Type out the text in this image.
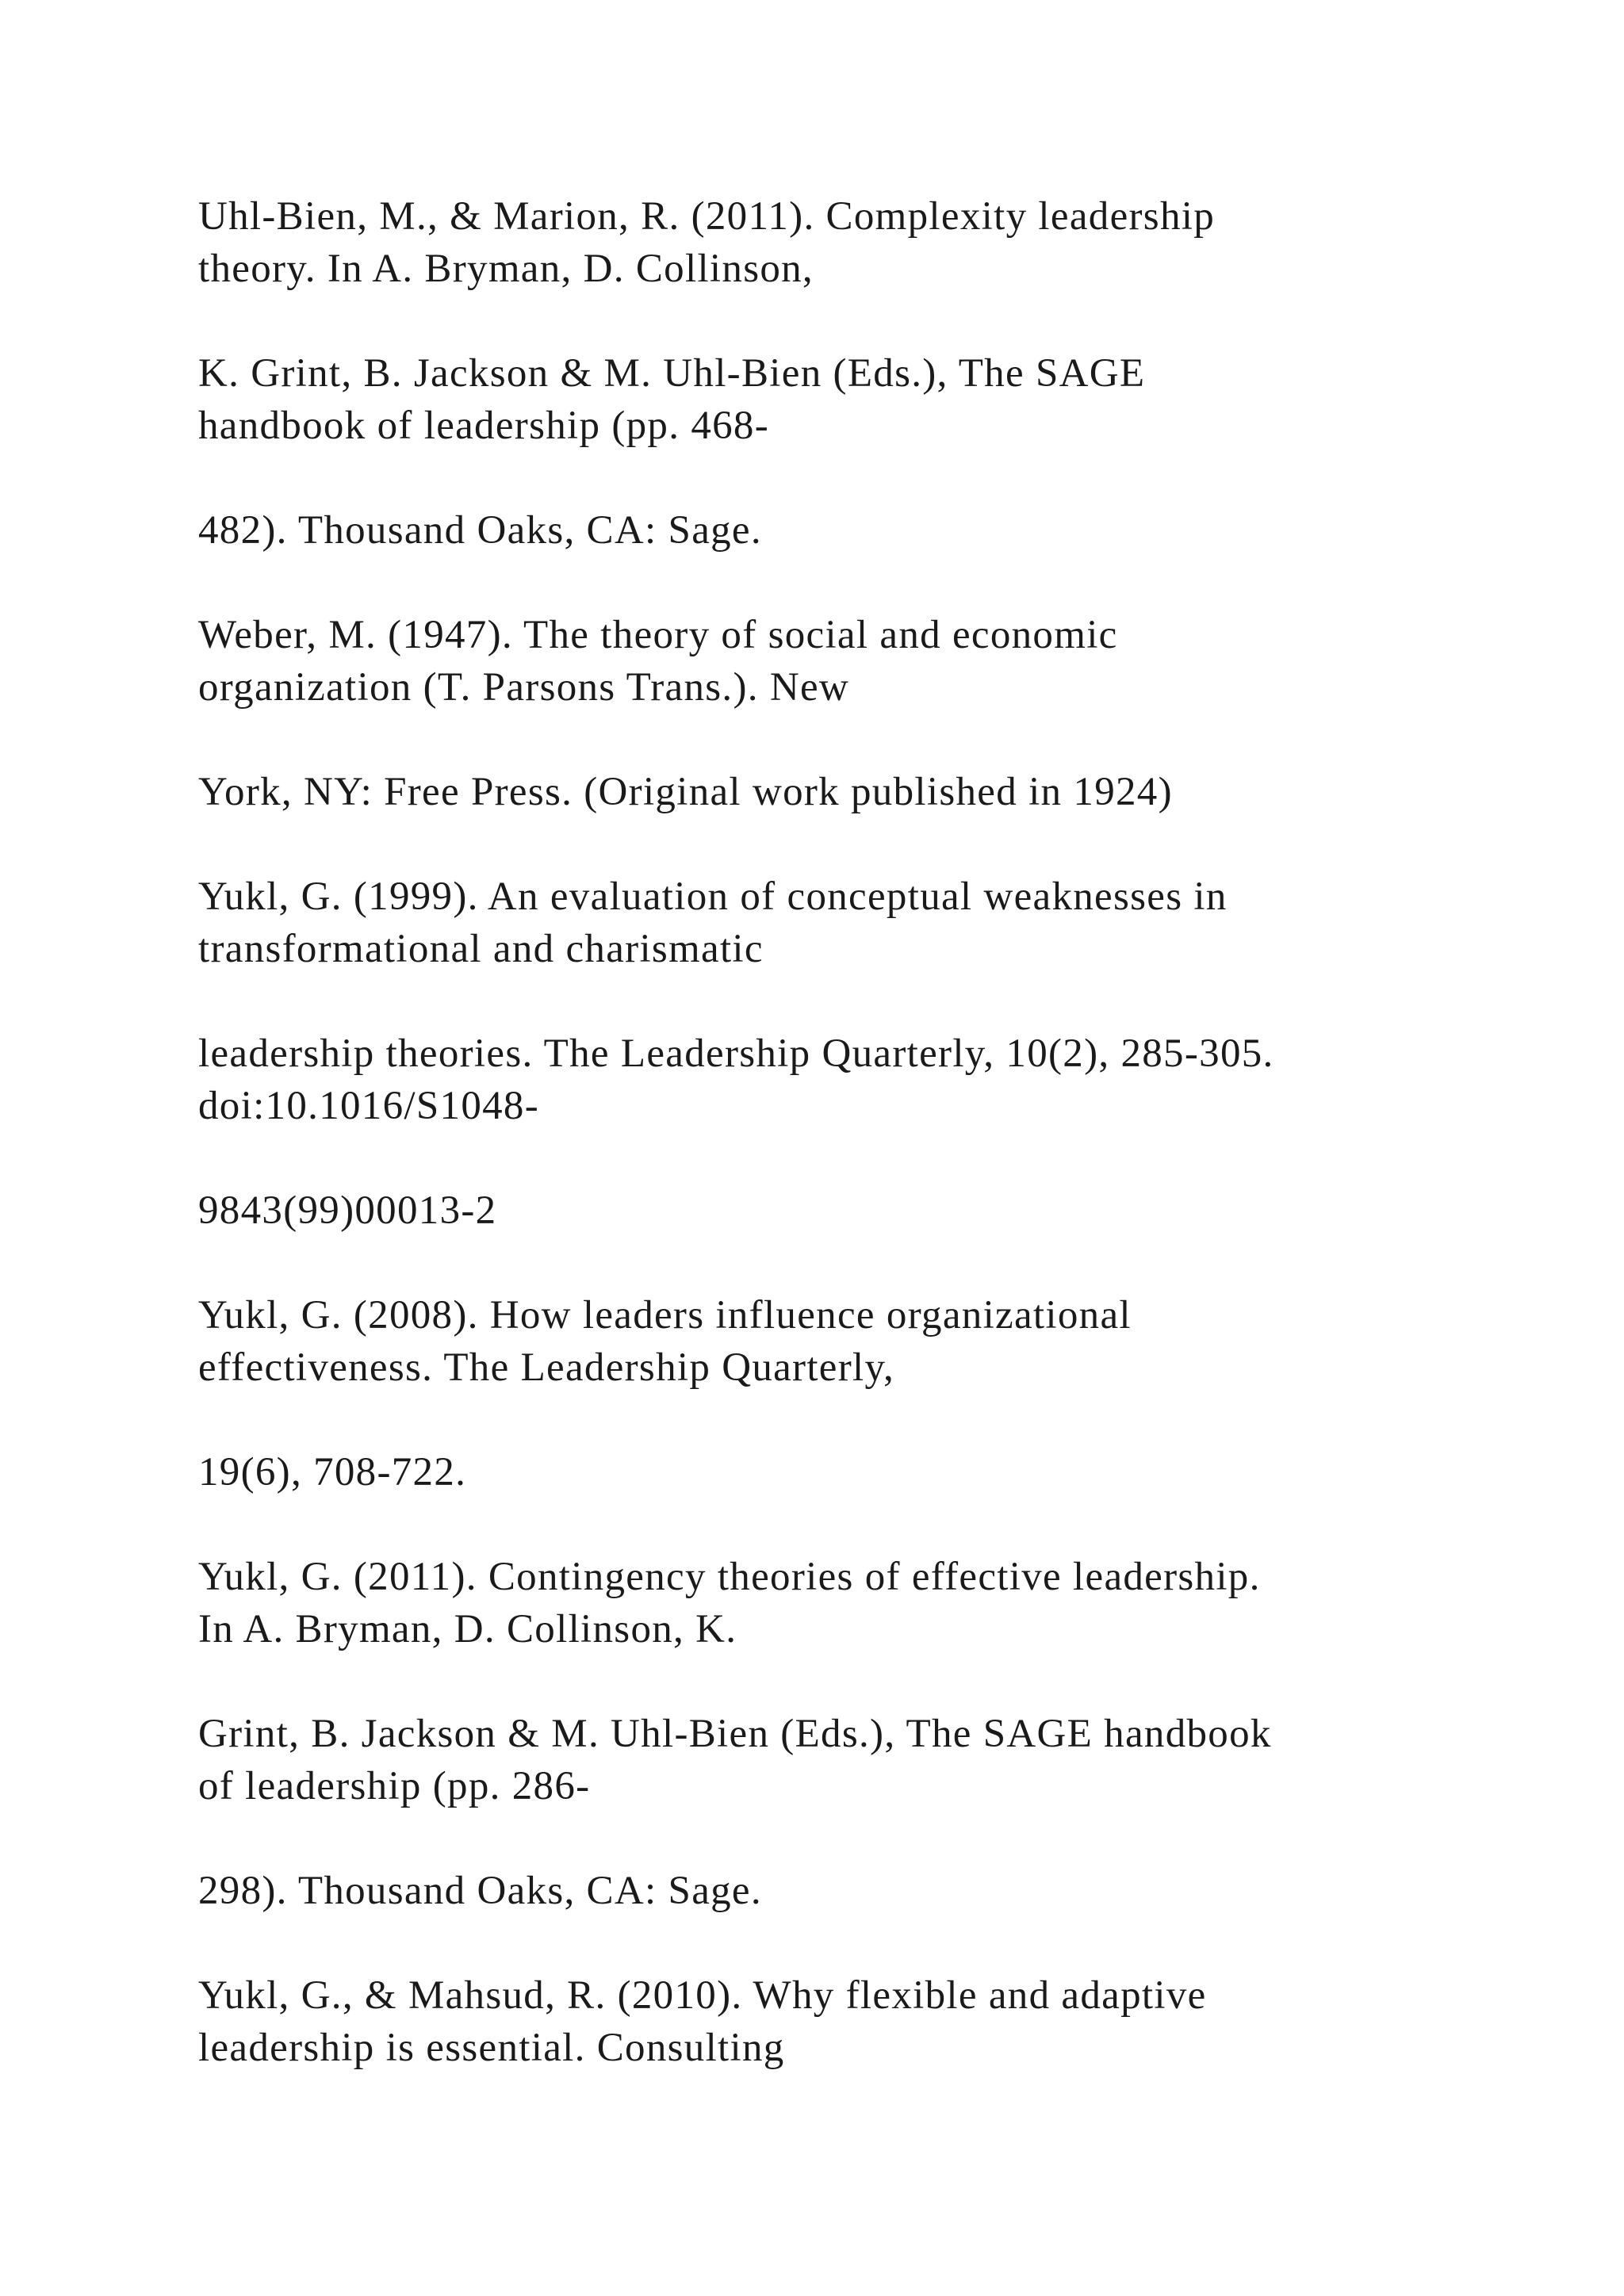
Uhl-Bien, M., & Marion, R. (2011). Complexity leadership
theory. In A. Bryman, D. Collinson,

K. Grint, B. Jackson & M. Uhl-Bien (Eds.), The SAGE
handbook of leadership (pp. 468-

482). Thousand Oaks, CA: Sage.

Weber, M. (1947). The theory of social and economic
organization (T. Parsons Trans.). New

York, NY: Free Press. (Original work published in 1924)

Yukl, G. (1999). An evaluation of conceptual weaknesses in
transformational and charismatic

leadership theories. The Leadership Quarterly, 10(2), 285-305.
doi:10.1016/S1048-

9843(99)00013-2

Yukl, G. (2008). How leaders influence organizational
effectiveness. The Leadership Quarterly,

19(6), 708-722.

Yukl, G. (2011). Contingency theories of effective leadership.
In A. Bryman, D. Collinson, K.

Grint, B. Jackson & M. Uhl-Bien (Eds.), The SAGE handbook
of leadership (pp. 286-

298). Thousand Oaks, CA: Sage.

Yukl, G., & Mahsud, R. (2010). Why flexible and adaptive
leadership is essential. Consulting
